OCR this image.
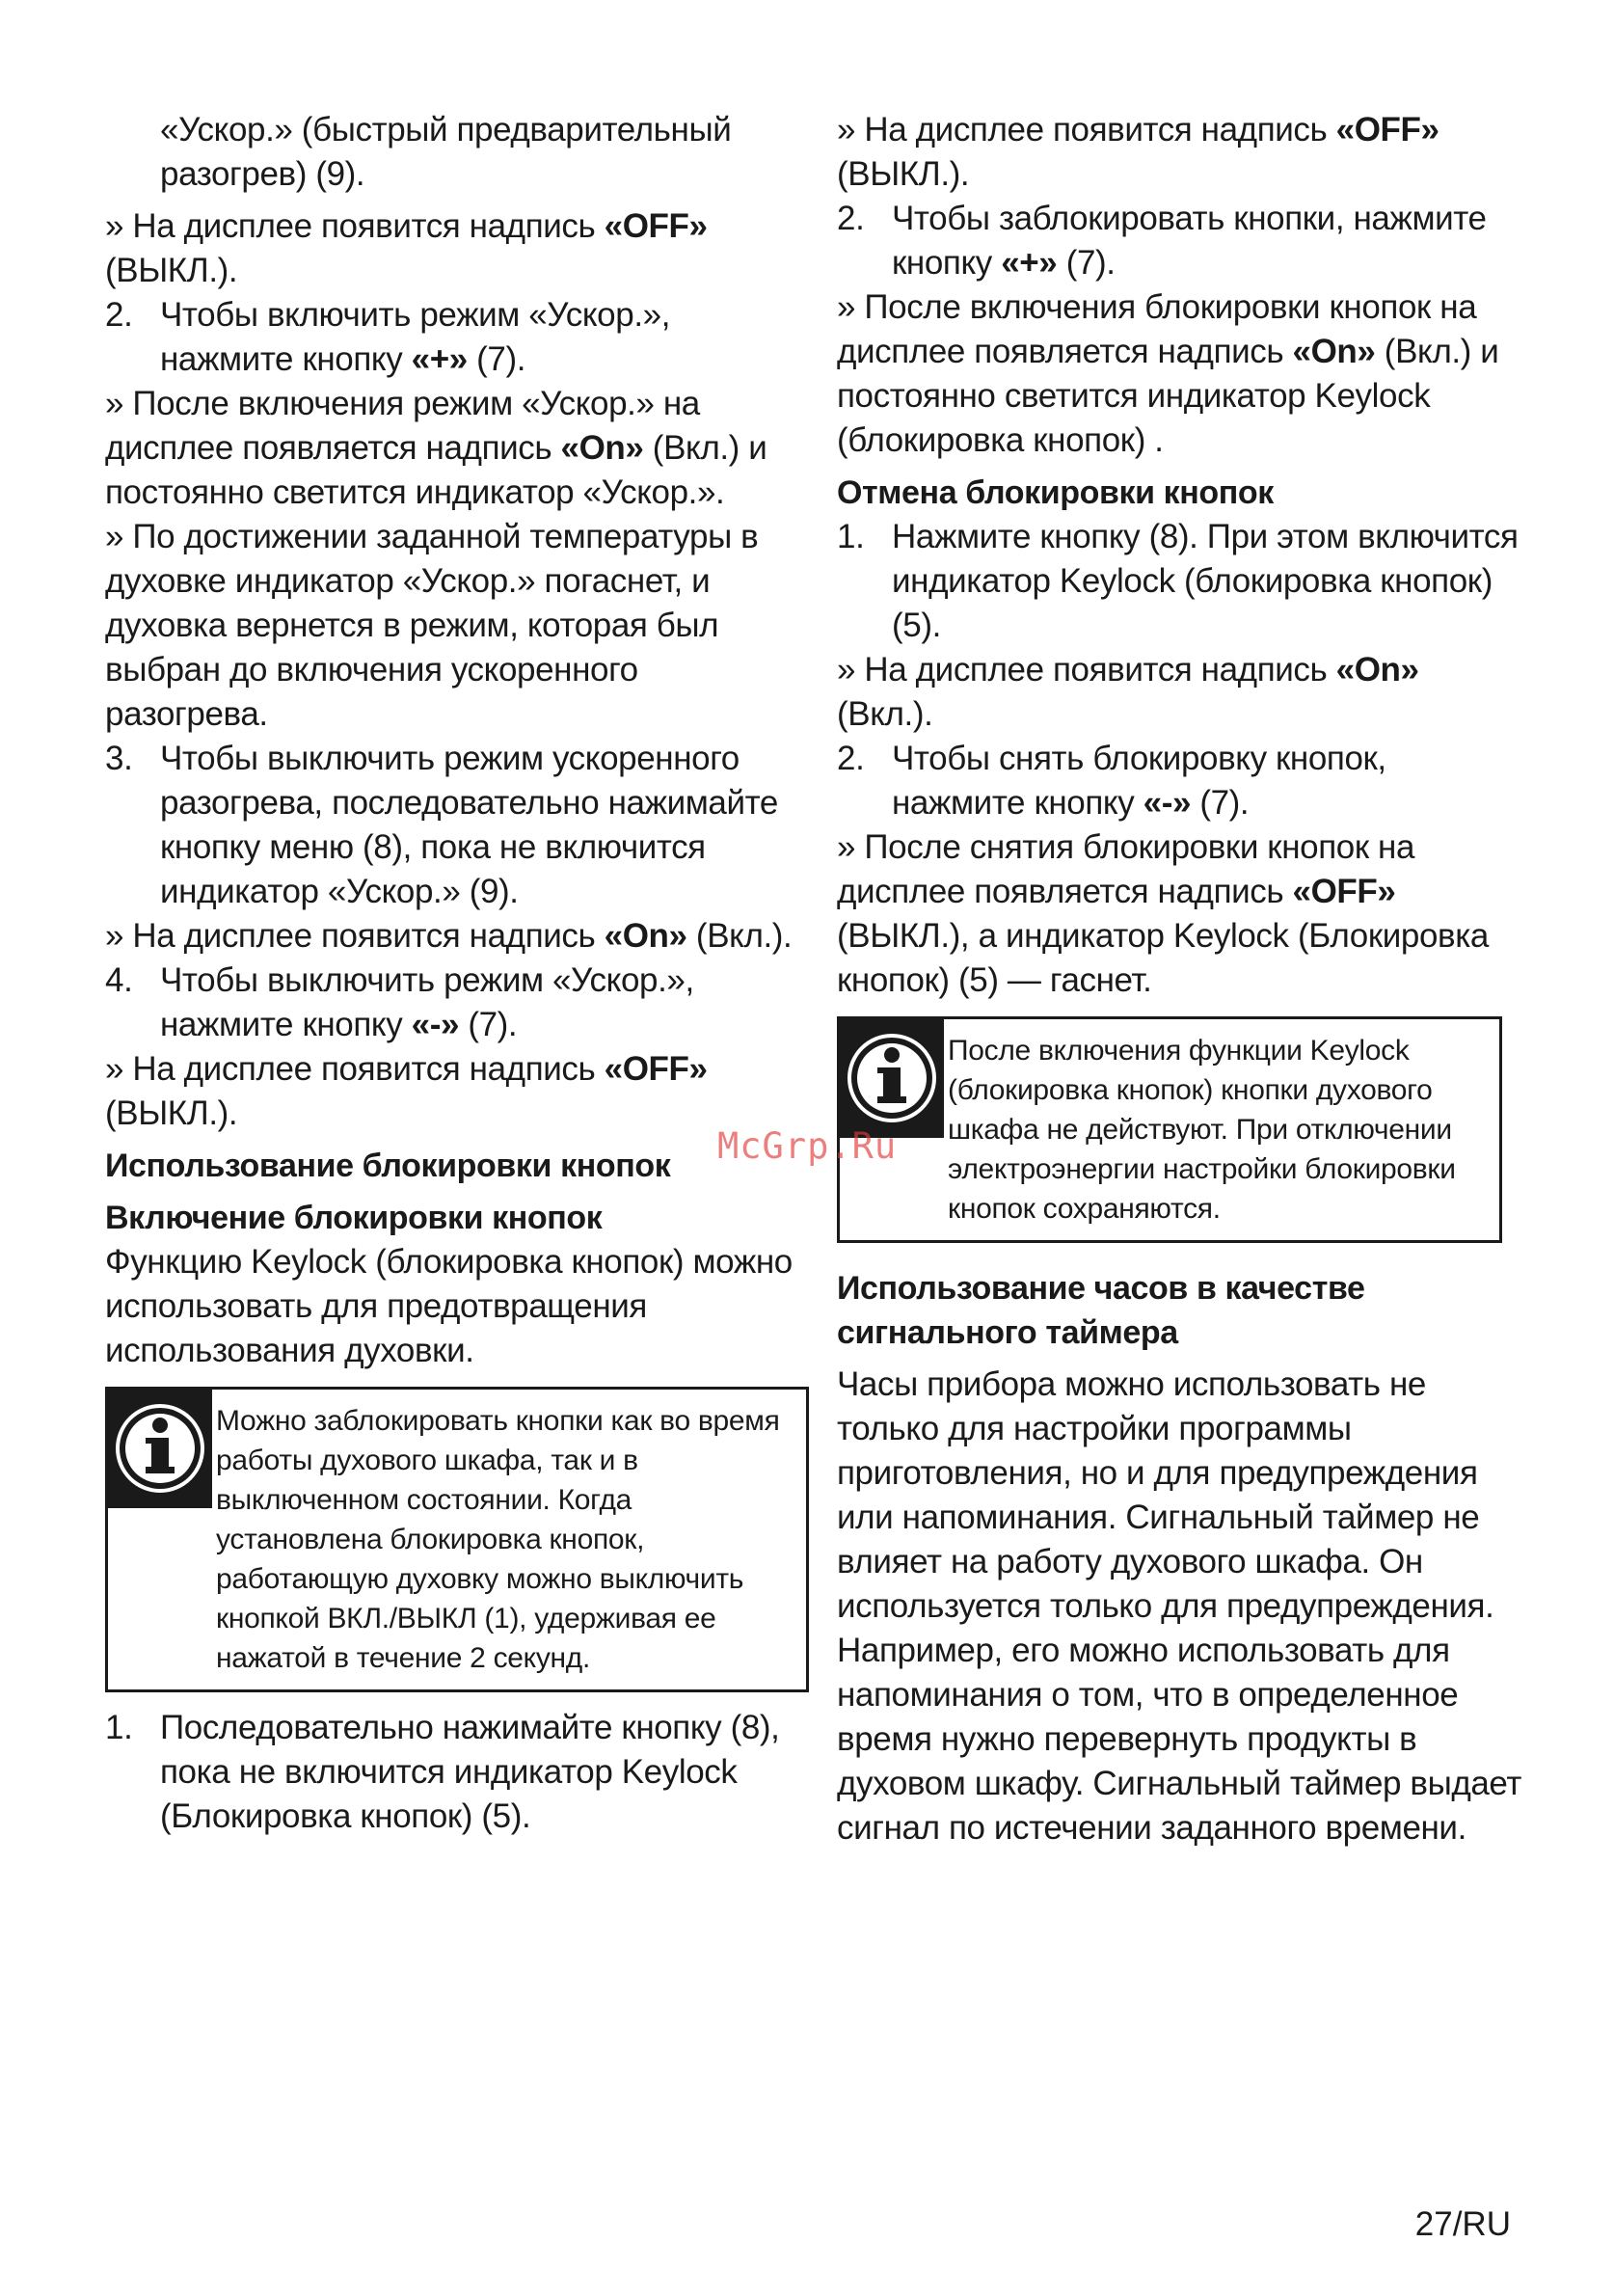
«Ускор.» (быстрый предварительный разогрев) (9).

» На дисплее появится надпись «OFF» (ВЫКЛ.).

2. Чтобы включить режим «Ускор.», нажмите кнопку «+» (7).

» После включения режим «Ускор.» на дисплее появляется надпись «On» (Вкл.) и постоянно светится индикатор «Ускор.».

» По достижении заданной температуры в духовке индикатор «Ускор.» погаснет, и духовка вернется в режим, которая был выбран до включения ускоренного разогрева.

3. Чтобы выключить режим ускоренного разогрева, последовательно нажимайте кнопку меню (8), пока не включится индикатор «Ускор.» (9).

» На дисплее появится надпись «On» (Вкл.).

4. Чтобы выключить режим «Ускор.», нажмите кнопку «-» (7).

» На дисплее появится надпись «OFF» (ВЫКЛ.).

Использование блокировки кнопок

Включение блокировки кнопок

Функцию Keylock (блокировка кнопок) можно использовать для предотвращения использования духовки.

Можно заблокировать кнопки как во время работы духового шкафа, так и в выключенном состоянии. Когда установлена блокировка кнопок, работающую духовку можно выключить кнопкой ВКЛ./ВЫКЛ (1), удерживая ее нажатой в течение 2 секунд.

1. Последовательно нажимайте кнопку (8), пока не включится индикатор Keylock (Блокировка кнопок) (5).

» На дисплее появится надпись «OFF» (ВЫКЛ.).

2. Чтобы заблокировать кнопки, нажмите кнопку «+» (7).

» После включения блокировки кнопок на дисплее появляется надпись «On» (Вкл.) и постоянно светится индикатор Keylock (блокировка кнопок) .

Отмена блокировки кнопок

1. Нажмите кнопку (8). При этом включится индикатор Keylock (блокировка кнопок) (5).

» На дисплее появится надпись «On» (Вкл.).

2. Чтобы снять блокировку кнопок, нажмите кнопку «-» (7).

» После снятия блокировки кнопок на дисплее появляется надпись «OFF» (ВЫКЛ.), а индикатор Keylock (Блокировка кнопок) (5) — гаснет.

После включения функции Keylock (блокировка кнопок) кнопки духового шкафа не действуют. При отключении электроэнергии настройки блокировки кнопок сохраняются.

Использование часов в качестве сигнального таймера

Часы прибора можно использовать не только для настройки программы приготовления, но и для предупреждения или напоминания. Сигнальный таймер не влияет на работу духового шкафа. Он используется только для предупреждения. Например, его можно использовать для напоминания о том, что в определенное время нужно перевернуть продукты в духовом шкафу. Сигнальный таймер выдает сигнал по истечении заданного времени.

McGrp.Ru
27/RU
